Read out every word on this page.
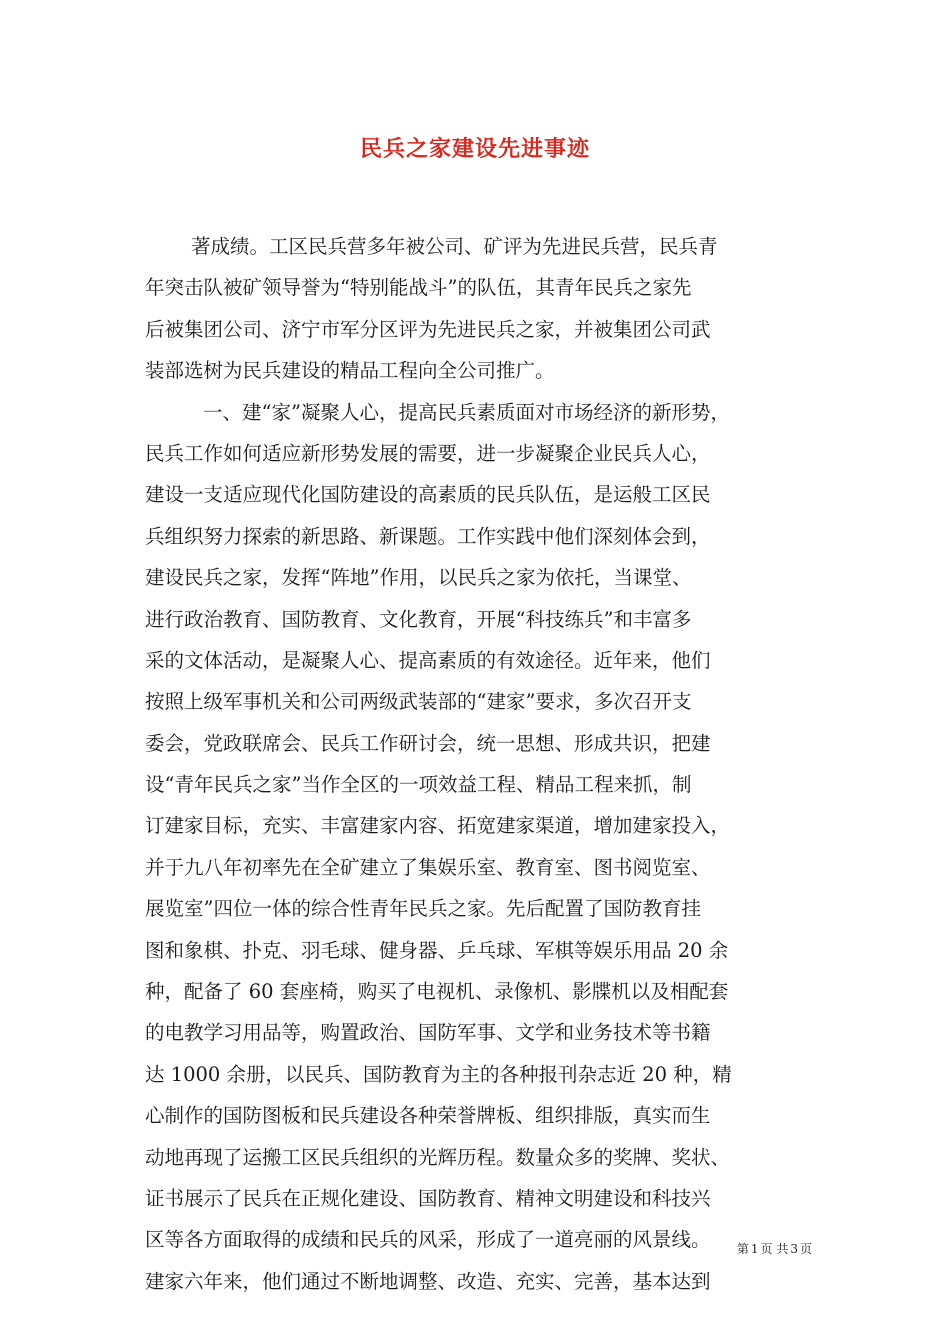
民兵之家建设先进事迹
著成绩。工区民兵营多年被公司、矿评为先进民兵营，民兵青
年突击队被矿领导誉为“特别能战斗”的队伍，其青年民兵之家先
后被集团公司、济宁市军分区评为先进民兵之家，并被集团公司武
装部选树为民兵建设的精品工程向全公司推广。
一、建“家”凝聚人心，提高民兵素质面对市场经济的新形势，
民兵工作如何适应新形势发展的需要，进一步凝聚企业民兵人心，
建设一支适应现代化国防建设的高素质的民兵队伍，是运般工区民
兵组织努力探索的新思路、新课题。工作实践中他们深刻体会到，
建设民兵之家，发挥“阵地”作用，以民兵之家为依托，当课堂、
进行政治教育、国防教育、文化教育，开展“科技练兵”和丰富多
采的文体活动，是凝聚人心、提高素质的有效途径。近年来，他们
按照上级军事机关和公司两级武装部的“建家”要求，多次召开支
委会，党政联席会、民兵工作研讨会，统一思想、形成共识，把建
设“青年民兵之家”当作全区的一项效益工程、精品工程来抓，制
订建家目标，充实、丰富建家内容、拓宽建家渠道，增加建家投入，
并于九八年初率先在全矿建立了集娱乐室、教育室、图书阅览室、
展览室”四位一体的综合性青年民兵之家。先后配置了国防教育挂
图和象棋、扑克、羽毛球、健身器、乒乓球、军棋等娱乐用品 20 余
种，配备了 60 套座椅，购买了电视机、录像机、影牒机以及相配套
的电教学习用品等，购置政治、国防军事、文学和业务技术等书籍
达 1000 余册，以民兵、国防教育为主的各种报刊杂志近 20 种，精
心制作的国防图板和民兵建设各种荣誉牌板、组织排版，真实而生
动地再现了运搬工区民兵组织的光辉历程。数量众多的奖牌、奖状、
证书展示了民兵在正规化建设、国防教育、精神文明建设和科技兴
区等各方面取得的成绩和民兵的风采，形成了一道亮丽的风景线。
建家六年来，他们通过不断地调整、改造、充实、完善，基本达到
第 1 页 共 3 页
